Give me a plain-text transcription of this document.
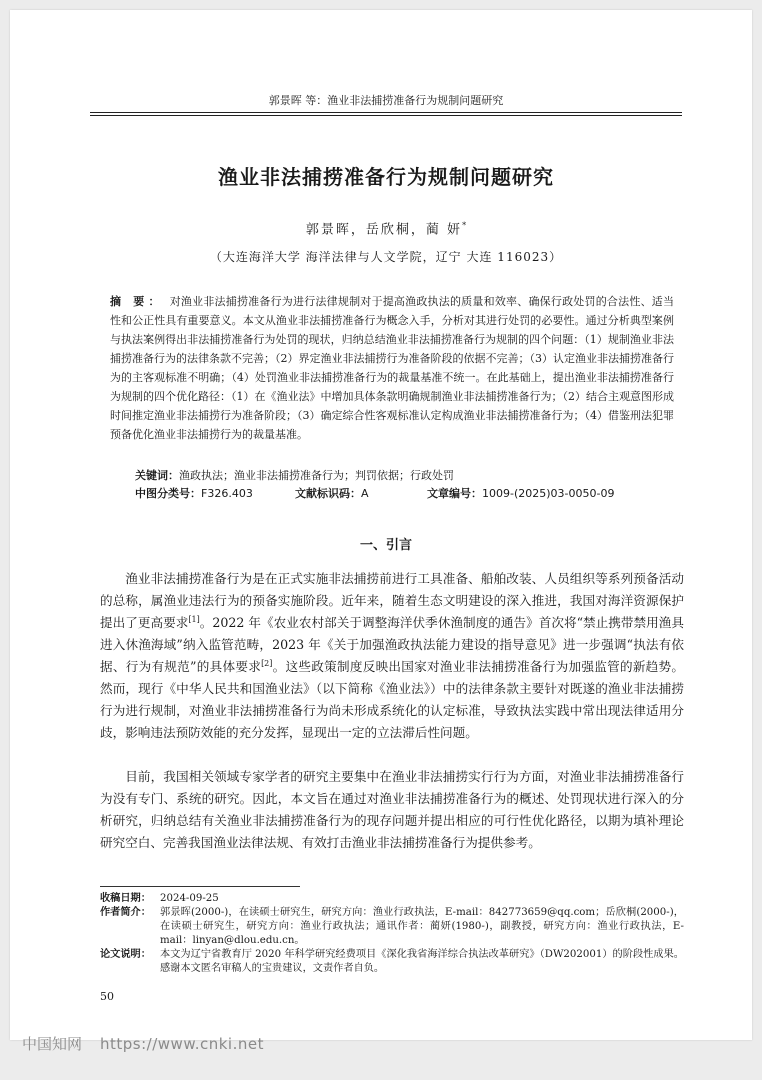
郭景晖 等：渔业非法捕捞准备行为规制问题研究
渔业非法捕捞准备行为规制问题研究
郭景晖，岳欣桐，蔺 妍*
（大连海洋大学 海洋法律与人文学院，辽宁 大连 116023）
摘 要： 对渔业非法捕捞准备行为进行法律规制对于提高渔政执法的质量和效率、确保行政处罚的合法性、适当性和公正性具有重要意义。本文从渔业非法捕捞准备行为概念入手，分析对其进行处罚的必要性。通过分析典型案例与执法案例得出非法捕捞准备行为处罚的现状，归纳总结渔业非法捕捞准备行为规制的四个问题：（1）规制渔业非法捕捞准备行为的法律条款不完善；（2）界定渔业非法捕捞行为准备阶段的依据不完善；（3）认定渔业非法捕捞准备行为的主客观标准不明确；（4）处罚渔业非法捕捞准备行为的裁量基准不统一。在此基础上，提出渔业非法捕捞准备行为规制的四个优化路径：（1）在《渔业法》中增加具体条款明确规制渔业非法捕捞准备行为；（2）结合主观意图形成时间推定渔业非法捕捞行为准备阶段；（3）确定综合性客观标准认定构成渔业非法捕捞准备行为；（4）借鉴刑法犯罪预备优化渔业非法捕捞行为的裁量基准。
关键词：渔政执法；渔业非法捕捞准备行为；判罚依据；行政处罚
中图分类号：F326.403	文献标识码：A	文章编号：1009-(2025)03-0050-09
一、引言
渔业非法捕捞准备行为是在正式实施非法捕捞前进行工具准备、船舶改装、人员组织等系列预备活动的总称，属渔业违法行为的预备实施阶段。近年来，随着生态文明建设的深入推进，我国对海洋资源保护提出了更高要求[1]。2022 年《农业农村部关于调整海洋伏季休渔制度的通告》首次将“禁止携带禁用渔具进入休渔海域”纳入监管范畴，2023 年《关于加强渔政执法能力建设的指导意见》进一步强调“执法有依据、行为有规范”的具体要求[2]。这些政策制度反映出国家对渔业非法捕捞准备行为加强监管的新趋势。然而，现行《中华人民共和国渔业法》（以下简称《渔业法》）中的法律条款主要针对既遂的渔业非法捕捞行为进行规制，对渔业非法捕捞准备行为尚未形成系统化的认定标准，导致执法实践中常出现法律适用分歧，影响违法预防效能的充分发挥，显现出一定的立法滞后性问题。
目前，我国相关领域专家学者的研究主要集中在渔业非法捕捞实行行为方面，对渔业非法捕捞准备行为没有专门、系统的研究。因此，本文旨在通过对渔业非法捕捞准备行为的概述、处罚现状进行深入的分析研究，归纳总结有关渔业非法捕捞准备行为的现存问题并提出相应的可行性优化路径，以期为填补理论研究空白、完善我国渔业法律法规、有效打击渔业非法捕捞准备行为提供参考。
收稿日期： 2024-09-25
作者简介： 郭景晖(2000-)，在读硕士研究生，研究方向：渔业行政执法，E-mail：842773659@qq.com；岳欣桐(2000-)，在读硕士研究生，研究方向：渔业行政执法；通讯作者：蔺妍(1980-)，副教授，研究方向：渔业行政执法，E-mail：linyan@dlou.edu.cn。
论文说明： 本文为辽宁省教育厅 2020 年科学研究经费项目《深化我省海洋综合执法改革研究》（DW202001）的阶段性成果。感谢本文匿名审稿人的宝贵建议，文责作者自负。
50
中国知网 https://www.cnki.net
